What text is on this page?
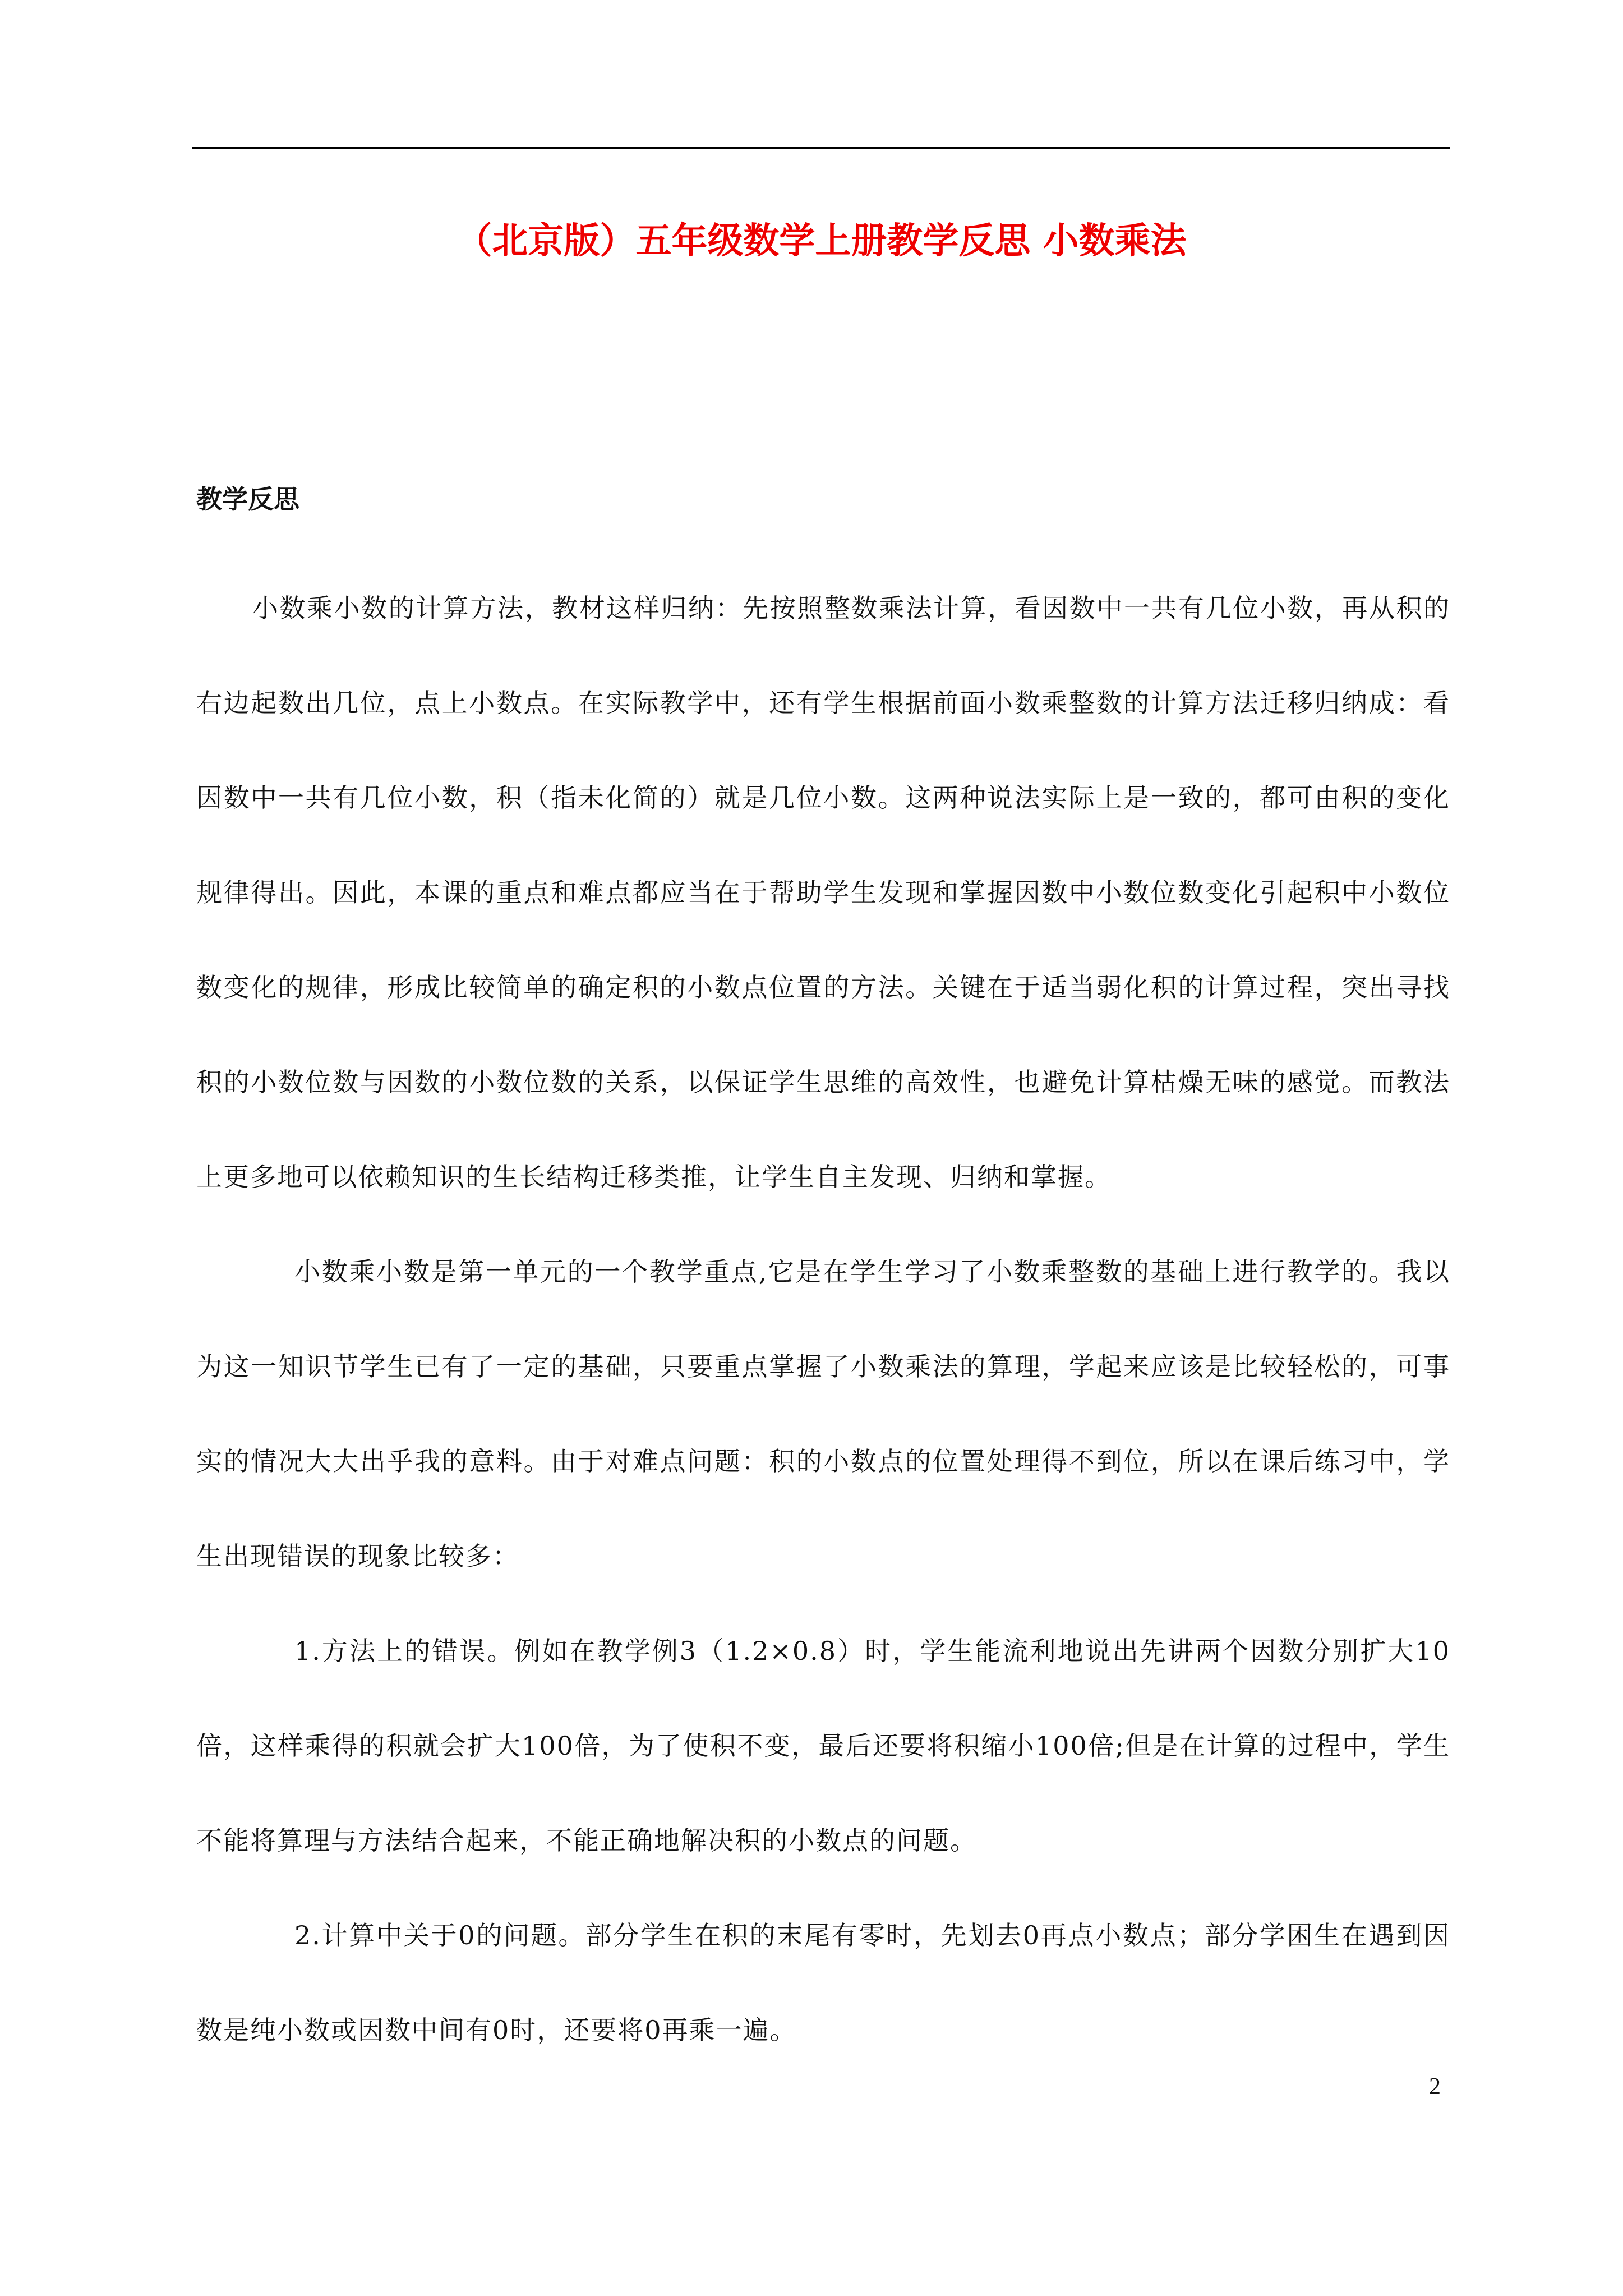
（北京版）五年级数学上册教学反思 小数乘法
教学反思

小数乘小数的计算方法，教材这样归纳：先按照整数乘法计算，看因数中一共有几位小数，再从积的右边起数出几位，点上小数点。在实际教学中，还有学生根据前面小数乘整数的计算方法迁移归纳成：看因数中一共有几位小数，积（指未化简的）就是几位小数。这两种说法实际上是一致的，都可由积的变化规律得出。因此，本课的重点和难点都应当在于帮助学生发现和掌握因数中小数位数变化引起积中小数位数变化的规律，形成比较简单的确定积的小数点位置的方法。关键在于适当弱化积的计算过程，突出寻找积的小数位数与因数的小数位数的关系，以保证学生思维的高效性，也避免计算枯燥无味的感觉。而教法上更多地可以依赖知识的生长结构迁移类推，让学生自主发现、归纳和掌握。

小数乘小数是第一单元的一个教学重点,它是在学生学习了小数乘整数的基础上进行教学的。我以为这一知识节学生已有了一定的基础，只要重点掌握了小数乘法的算理，学起来应该是比较轻松的，可事实的情况大大出乎我的意料。由于对难点问题：积的小数点的位置处理得不到位，所以在课后练习中，学生出现错误的现象比较多：

1.方法上的错误。例如在教学例3（1.2×0.8）时，学生能流利地说出先讲两个因数分别扩大10倍，这样乘得的积就会扩大100倍，为了使积不变，最后还要将积缩小100倍;但是在计算的过程中，学生不能将算理与方法结合起来，不能正确地解决积的小数点的问题。

2.计算中关于0的问题。部分学生在积的末尾有零时，先划去0再点小数点；部分学困生在遇到因数是纯小数或因数中间有0时，还要将0再乘一遍。

2
